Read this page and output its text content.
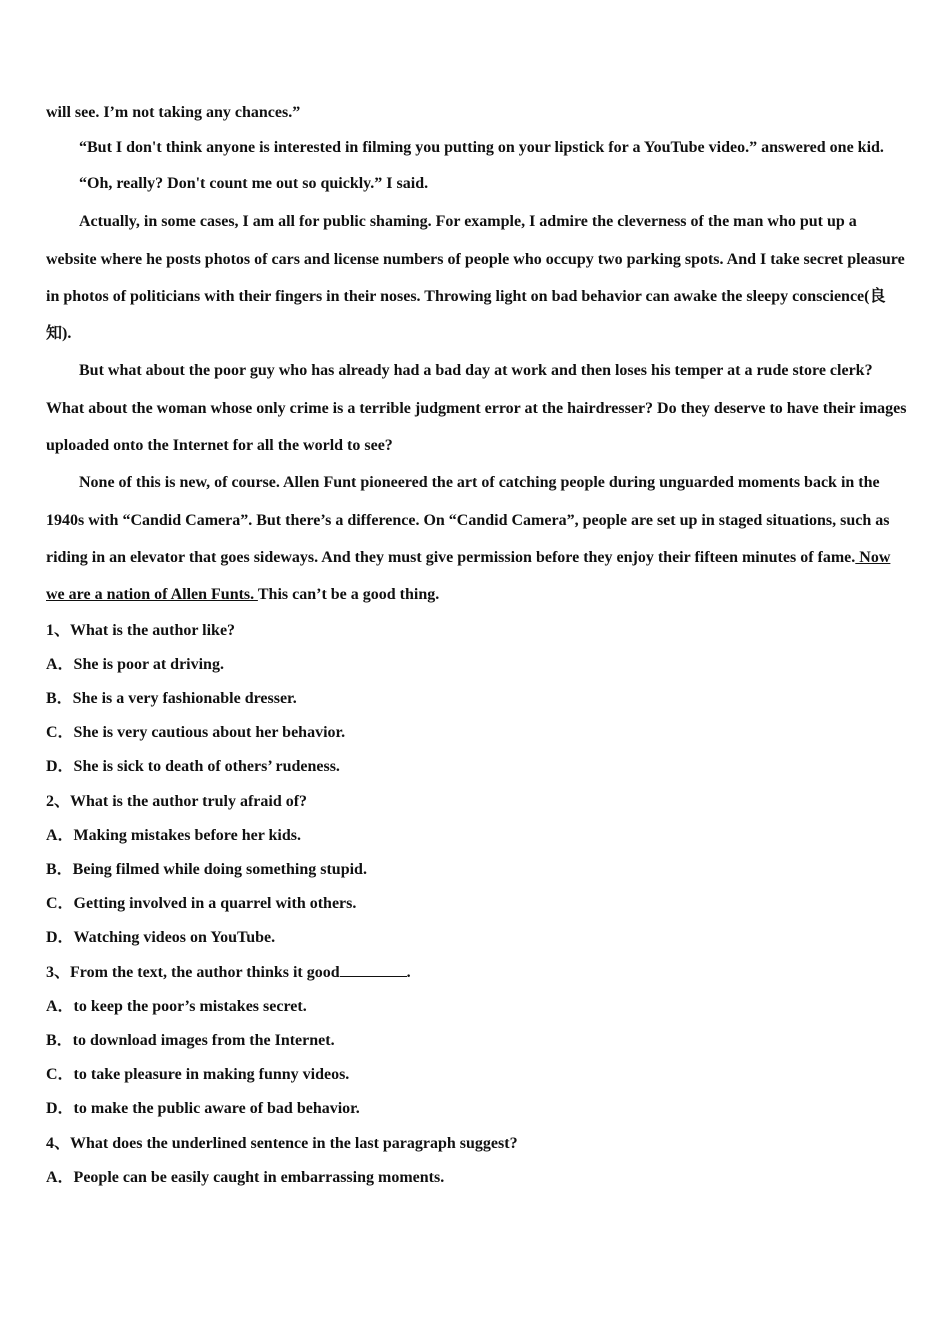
will see. I’m not taking any chances.”

“But I don't think anyone is interested in filming you putting on your lipstick for a YouTube video.” answered one kid.

“Oh, really? Don't count me out so quickly.” I said.

Actually, in some cases, I am all for public shaming. For example, I admire the cleverness of the man who put up a website where he posts photos of cars and license numbers of people who occupy two parking spots. And I take secret pleasure in photos of politicians with their fingers in their noses. Throwing light on bad behavior can awake the sleepy conscience(良知).

But what about the poor guy who has already had a bad day at work and then loses his temper at a rude store clerk? What about the woman whose only crime is a terrible judgment error at the hairdresser? Do they deserve to have their images uploaded onto the Internet for all the world to see?

None of this is new, of course. Allen Funt pioneered the art of catching people during unguarded moments back in the 1940s with “Candid Camera”. But there’s a difference. On “Candid Camera”, people are set up in staged situations, such as riding in an elevator that goes sideways. And they must give permission before they enjoy their fifteen minutes of fame. Now we are a nation of Allen Funts. This can’t be a good thing.

1、What is the author like?

A．She is poor at driving.

B．She is a very fashionable dresser.

C．She is very cautious about her behavior.

D．She is sick to death of others’ rudeness.

2、What is the author truly afraid of?

A．Making mistakes before her kids.

B．Being filmed while doing something stupid.

C．Getting involved in a quarrel with others.

D．Watching videos on YouTube.

3、From the text, the author thinks it good	.

A．to keep the poor’s mistakes secret.

B．to download images from the Internet.

C．to take pleasure in making funny videos.

D．to make the public aware of bad behavior.

4、What does the underlined sentence in the last paragraph suggest?

A．People can be easily caught in embarrassing moments.
